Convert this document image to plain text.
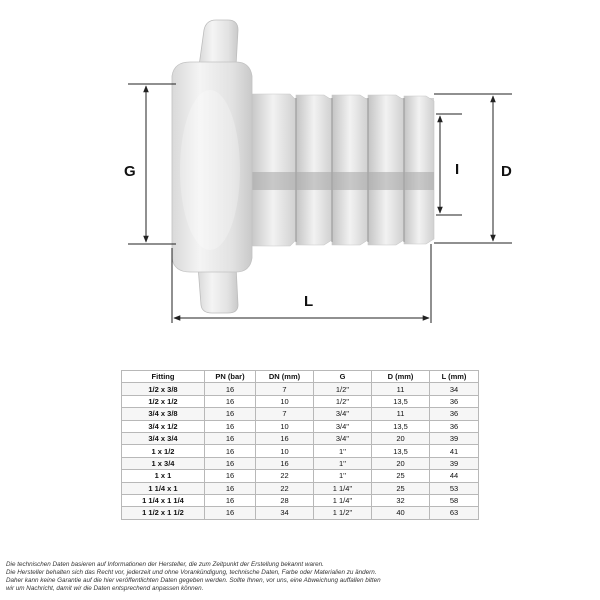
G	I	D
L
Fitting	PN (bar)	DN (mm)	G	D (mm)	L (mm)
1/2 x 3/8	16	7	1/2''	11	34
1/2 x 1/2	16	10	1/2''	13,5	36
3/4 x 3/8	16	7	3/4''	11	36
3/4 x 1/2	16	10	3/4''	13,5	36
3/4 x 3/4	16	16	3/4''	20	39
1 x 1/2	16	10	1''	13,5	41
1 x 3/4	16	16	1''	20	39
1 x 1	16	22	1''	25	44
1 1/4 x 1	16	22	1 1/4''	25	53
1 1/4 x 1 1/4	16	28	1 1/4''	32	58
1 1/2 x 1 1/2	16	34	1 1/2''	40	63
Die technischen Daten basieren auf Informationen der Hersteller, die zum Zeitpunkt der Erstellung bekannt waren.
Die Hersteller behalten sich das Recht vor, jederzeit und ohne Vorankündigung, technische Daten, Farbe oder Materialien zu ändern.
Daher kann keine Garantie auf die hier veröffentlichten Daten gegeben werden. Sollte Ihnen, vor uns, eine Abweichung auffallen bitten
wir um Nachricht, damit wir die Daten entsprechend anpassen können.
